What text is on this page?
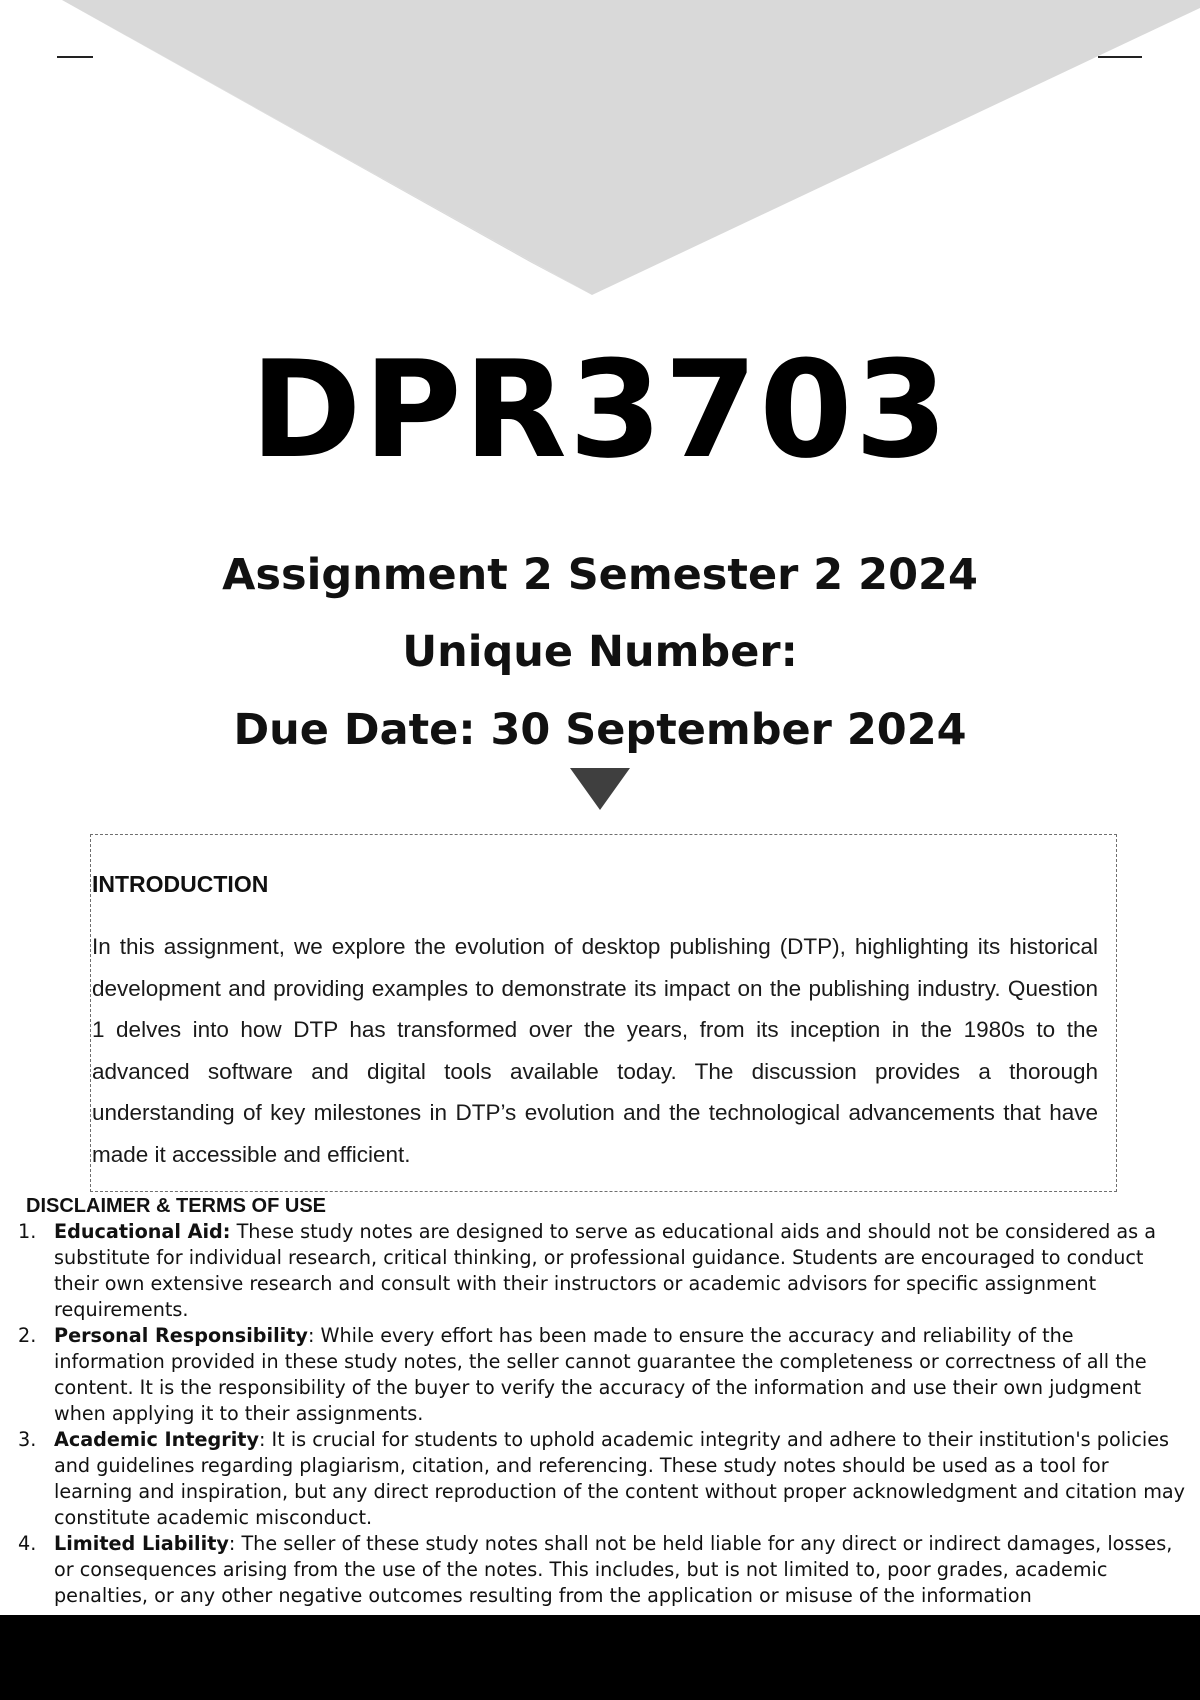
DPR3703
Assignment 2 Semester 2 2024
Unique Number:
Due Date: 30 September 2024
INTRODUCTION

In this assignment, we explore the evolution of desktop publishing (DTP), highlighting its historical development and providing examples to demonstrate its impact on the publishing industry. Question 1 delves into how DTP has transformed over the years, from its inception in the 1980s to the advanced software and digital tools available today. The discussion provides a thorough understanding of key milestones in DTP’s evolution and the technological advancements that have made it accessible and efficient.

DISCLAIMER & TERMS OF USE
1. Educational Aid: These study notes are designed to serve as educational aids and should not be considered as a substitute for individual research, critical thinking, or professional guidance. Students are encouraged to conduct their own extensive research and consult with their instructors or academic advisors for specific assignment requirements.
2. Personal Responsibility: While every effort has been made to ensure the accuracy and reliability of the information provided in these study notes, the seller cannot guarantee the completeness or correctness of all the content. It is the responsibility of the buyer to verify the accuracy of the information and use their own judgment when applying it to their assignments.
3. Academic Integrity: It is crucial for students to uphold academic integrity and adhere to their institution's policies and guidelines regarding plagiarism, citation, and referencing. These study notes should be used as a tool for learning and inspiration, but any direct reproduction of the content without proper acknowledgment and citation may constitute academic misconduct.
4. Limited Liability: The seller of these study notes shall not be held liable for any direct or indirect damages, losses, or consequences arising from the use of the notes. This includes, but is not limited to, poor grades, academic penalties, or any other negative outcomes resulting from the application or misuse of the information
